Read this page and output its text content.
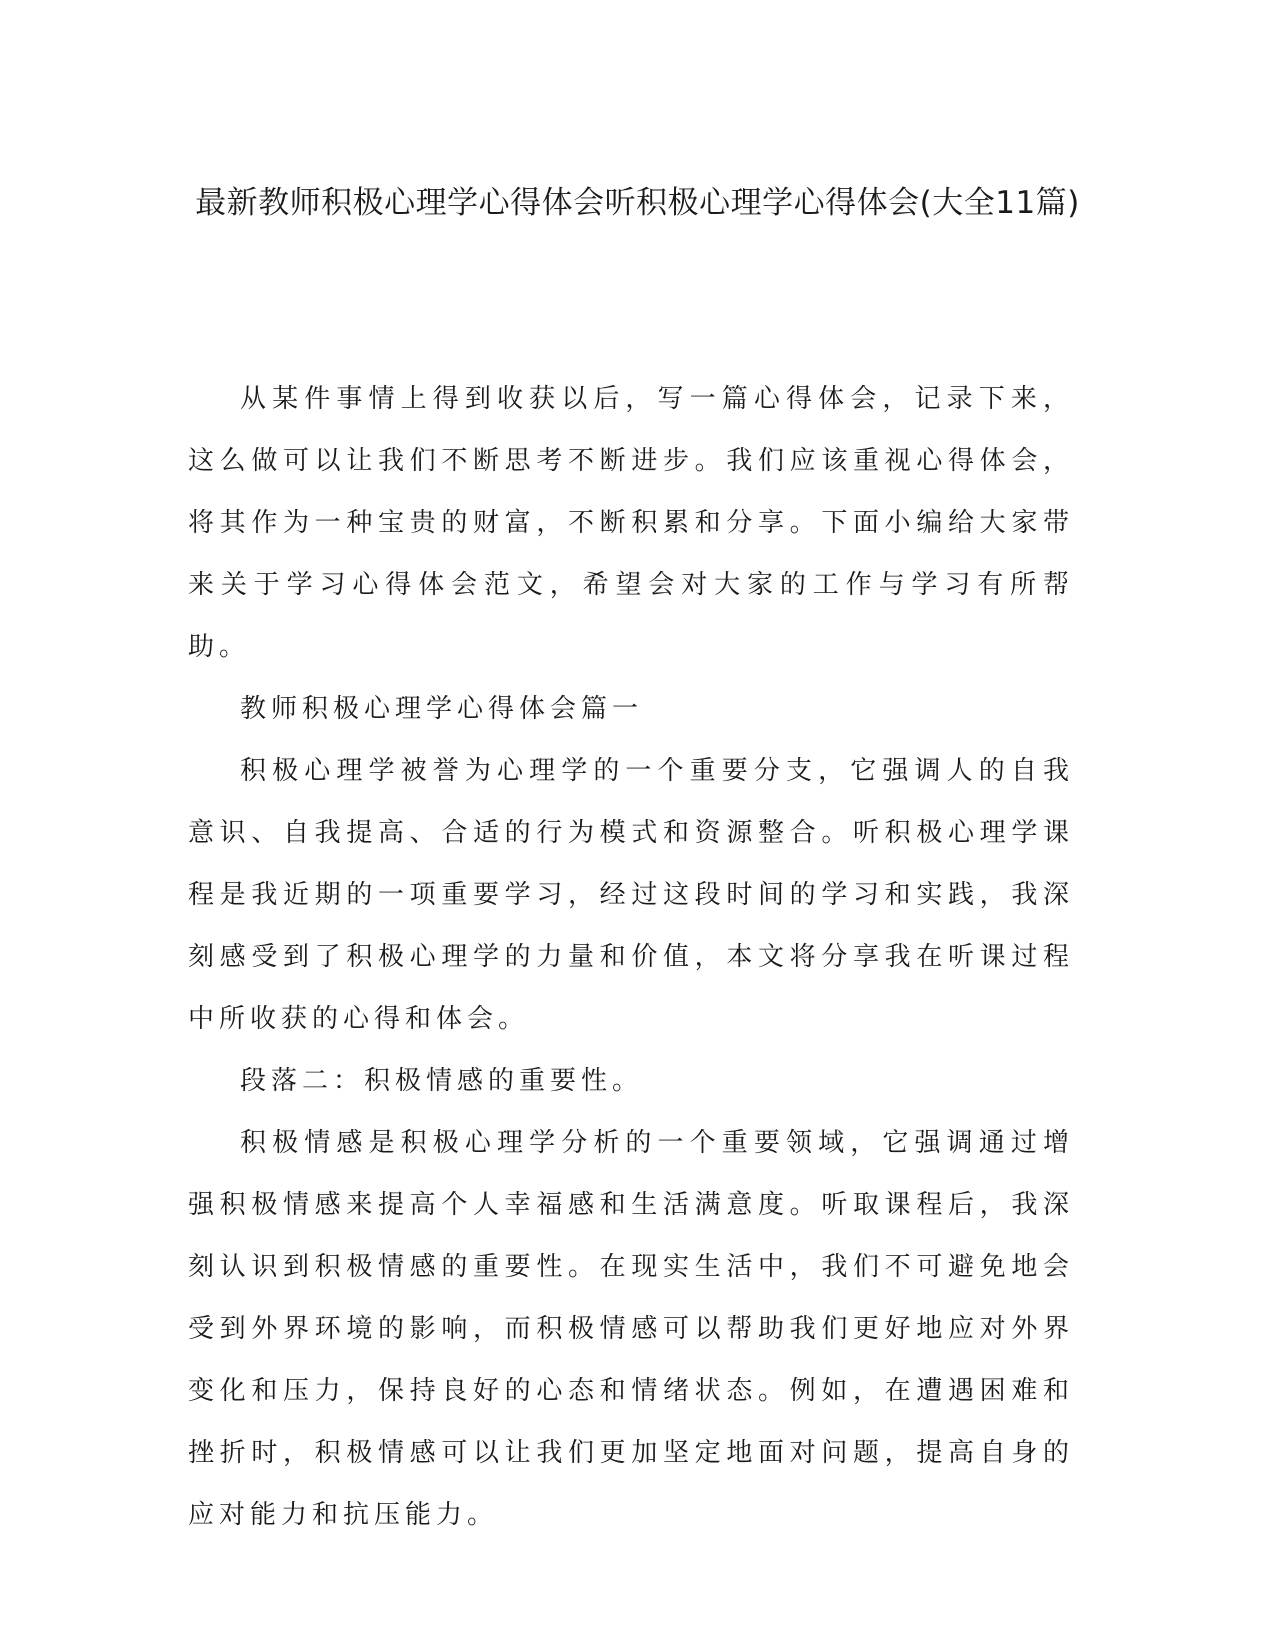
最新教师积极心理学心得体会听积极心理学心得体会(大全11篇)

从某件事情上得到收获以后，写一篇心得体会，记录下来，这么做可以让我们不断思考不断进步。我们应该重视心得体会，将其作为一种宝贵的财富，不断积累和分享。下面小编给大家带来关于学习心得体会范文，希望会对大家的工作与学习有所帮助。

教师积极心理学心得体会篇一

积极心理学被誉为心理学的一个重要分支，它强调人的自我意识、自我提高、合适的行为模式和资源整合。听积极心理学课程是我近期的一项重要学习，经过这段时间的学习和实践，我深刻感受到了积极心理学的力量和价值，本文将分享我在听课过程中所收获的心得和体会。

段落二：积极情感的重要性。

积极情感是积极心理学分析的一个重要领域，它强调通过增强积极情感来提高个人幸福感和生活满意度。听取课程后，我深刻认识到积极情感的重要性。在现实生活中，我们不可避免地会受到外界环境的影响，而积极情感可以帮助我们更好地应对外界变化和压力，保持良好的心态和情绪状态。例如，在遭遇困难和挫折时，积极情感可以让我们更加坚定地面对问题，提高自身的应对能力和抗压能力。
